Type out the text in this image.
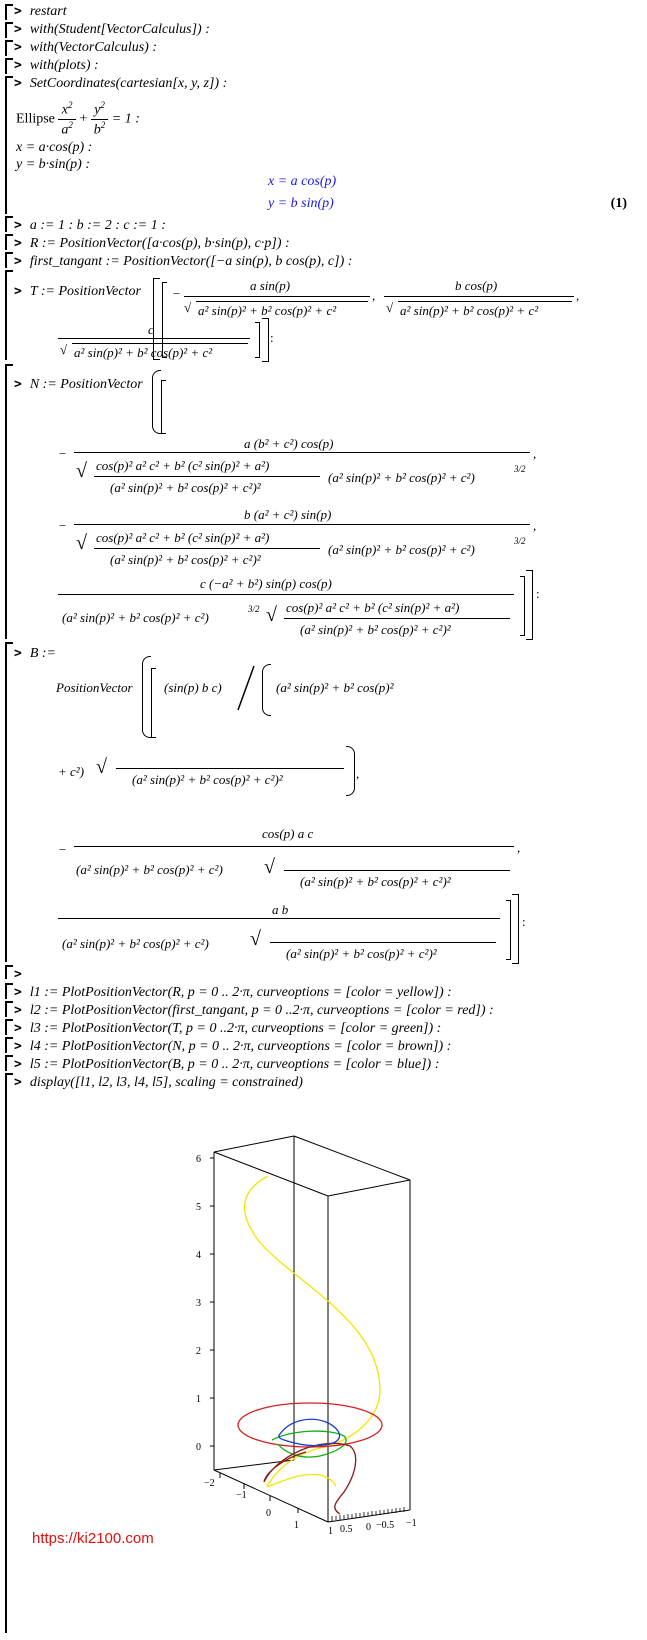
> restart
> with(Student[VectorCalculus]) :
> with(VectorCalculus) :
> with(plots) :
> SetCoordinates(cartesian[x, y, z]) :
Ellipse $\frac{x^2}{a^2} + \frac{y^2}{b^2} = 1$ :
x = a·cos(p) :
y = b·sin(p) :
x = a cos(p)
y = b sin(p)	(1)
> a := 1 : b := 2 : c := 1 :
> R := PositionVector([a·cos(p), b·sin(p), c·p]) :
> first_tangant := PositionVector([−a sin(p), b cos(p), c]) :
> T := PositionVector −
a sin(p)
√ a² sin(p)² + b² cos(p)² + c²
,
b cos(p)
√ a² sin(p)² + b² cos(p)² + c²
,
c
√ a² sin(p)² + b² cos(p)² + c²
:
> N := PositionVector
−
a (b² + c²) cos(p)
√ cos(p)² a² c² + b² (c² sin(p)² + a²)
(a² sin(p)² + b² cos(p)² + c²)²
(a² sin(p)² + b² cos(p)² + c²)
3/2
,
−
b (a² + c²) sin(p)
√ cos(p)² a² c² + b² (c² sin(p)² + a²)
(a² sin(p)² + b² cos(p)² + c²)²
(a² sin(p)² + b² cos(p)² + c²)
3/2
,
c (−a² + b²) sin(p) cos(p)
(a² sin(p)² + b² cos(p)² + c²)
3/2 √ cos(p)² a² c² + b² (c² sin(p)² + a²)
(a² sin(p)² + b² cos(p)² + c²)²
:
> B :=
PositionVector (sin(p) b c)	(a² sin(p)² + b² cos(p)²
+ c²) √
(a² sin(p)² + b² cos(p)² + c²)²	,
−
cos(p) a c
(a² sin(p)² + b² cos(p)² + c²) √
(a² sin(p)² + b² cos(p)² + c²)²
,
a b
(a² sin(p)² + b² cos(p)² + c²) √
(a² sin(p)² + b² cos(p)² + c²)²
:
>
> l1 := PlotPositionVector(R, p = 0 .. 2·π, curveoptions = [color = yellow]) :
> l2 := PlotPositionVector(first_tangant, p = 0 ..2·π, curveoptions = [color = red]) :
> l3 := PlotPositionVector(T, p = 0 ..2·π, curveoptions = [color = green]) :
> l4 := PlotPositionVector(N, p = 0 .. 2·π, curveoptions = [color = brown]) :
> l5 := PlotPositionVector(B, p = 0 .. 2·π, curveoptions = [color = blue]) :
> display([l1, l2, l3, l4, l5], scaling = constrained)
6
5
4
3
2
1
0
−2
−1
0
1
1 0.5 0 −0.5 −1
https://ki2100.com
